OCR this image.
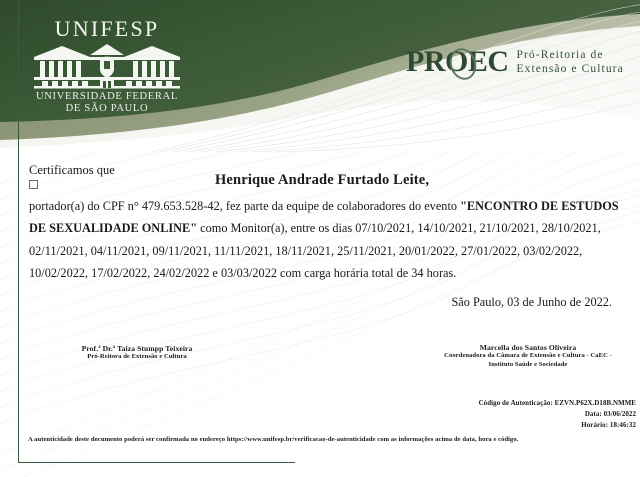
UNIFESP
UNIVERSIDADE FEDERAL
DE SÃO PAULO
PROEC Pró-Reitoria de
Extensão e Cultura
Certificamos que
Henrique Andrade Furtado Leite,
portador(a) do CPF n° 479.653.528-42, fez parte da equipe de colaboradores do evento "ENCONTRO DE ESTUDOS DE SEXUALIDADE ONLINE" como Monitor(a), entre os dias 07/10/2021, 14/10/2021, 21/10/2021, 28/10/2021, 02/11/2021, 04/11/2021, 09/11/2021, 11/11/2021, 18/11/2021, 25/11/2021, 20/01/2022, 27/01/2022, 03/02/2022, 10/02/2022, 17/02/2022, 24/02/2022 e 03/03/2022 com carga horária total de 34 horas.
São Paulo, 03 de Junho de 2022.
Prof.ª Dr.ª Taiza Stumpp Teixeira
Pró-Reitora de Extensão e Cultura
Marcella dos Santos Oliveira
Coordenadora da Câmara de Extensão e Cultura - CaEC -
Instituto Saúde e Sociedade
Código de Autenticação: EZVN.P62X.D18B.NMME
Data: 03/06/2022
Horário: 18:46:32
A autenticidade deste documento poderá ser confirmada no endereço https://www.unifesp.br/verificacao-de-autenticidade com as informações acima de data, hora e código.
